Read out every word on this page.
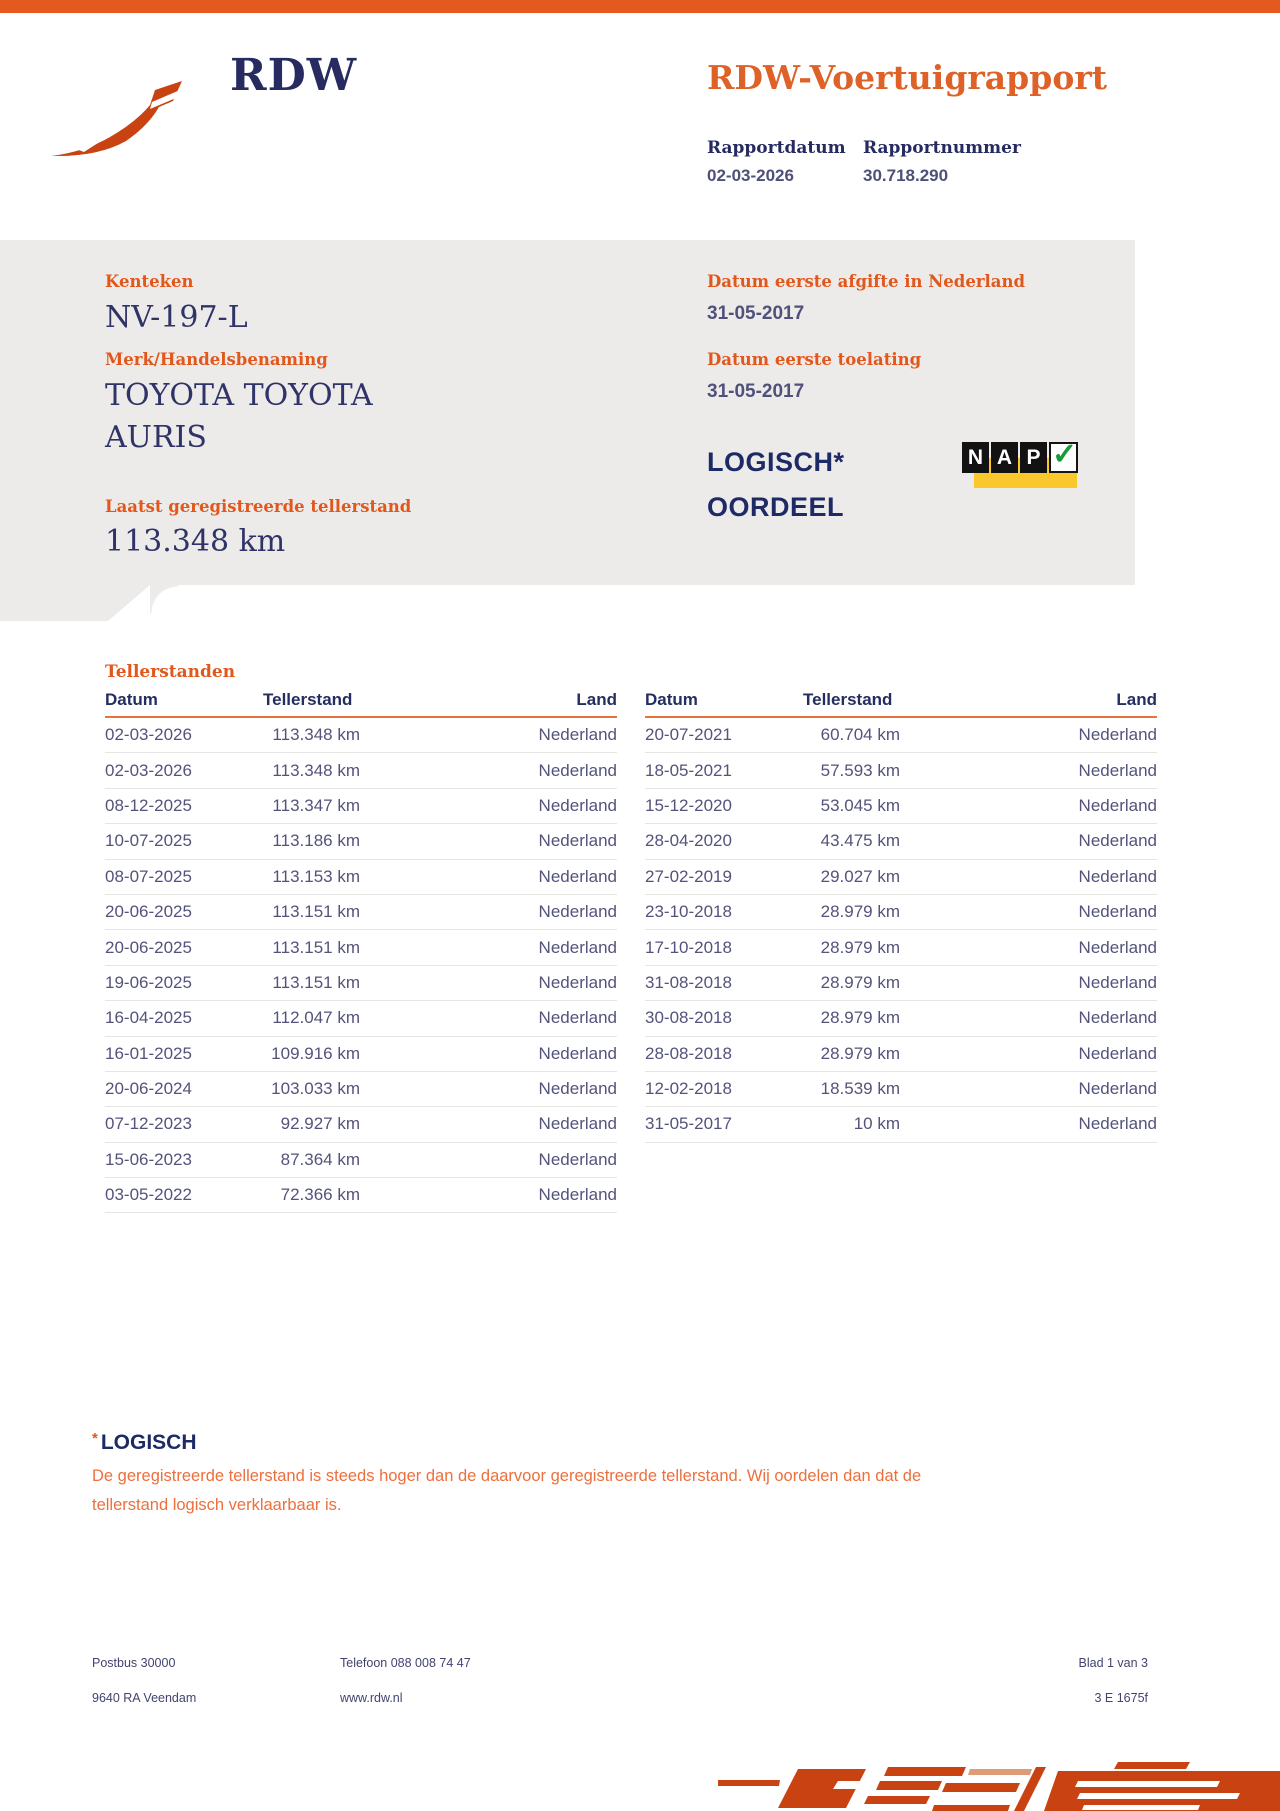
RDW	RDW-Voertuigrapport
Rapportdatum Rapportnummer
02-03-2026	30.718.290
Kenteken
NV-197-L
Merk/Handelsbenaming
TOYOTA TOYOTA
AURIS
Laatst geregistreerde tellerstand
113.348 km
Datum eerste afgifte in Nederland
31-05-2017
Datum eerste toelating
31-05-2017
LOGISCH*
OORDEEL
N A P ✓
Tellerstanden
Datum	Tellerstand	Land
02-03-2026	113.348 km	Nederland
02-03-2026	113.348 km	Nederland
08-12-2025	113.347 km	Nederland
10-07-2025	113.186 km	Nederland
08-07-2025	113.153 km	Nederland
20-06-2025	113.151 km	Nederland
20-06-2025	113.151 km	Nederland
19-06-2025	113.151 km	Nederland
16-04-2025	112.047 km	Nederland
16-01-2025	109.916 km	Nederland
20-06-2024	103.033 km	Nederland
07-12-2023	92.927 km	Nederland
15-06-2023	87.364 km	Nederland
03-05-2022	72.366 km	Nederland
Datum	Tellerstand	Land
20-07-2021	60.704 km	Nederland
18-05-2021	57.593 km	Nederland
15-12-2020	53.045 km	Nederland
28-04-2020	43.475 km	Nederland
27-02-2019	29.027 km	Nederland
23-10-2018	28.979 km	Nederland
17-10-2018	28.979 km	Nederland
31-08-2018	28.979 km	Nederland
30-08-2018	28.979 km	Nederland
28-08-2018	28.979 km	Nederland
12-02-2018	18.539 km	Nederland
31-05-2017	10 km	Nederland
* LOGISCH
De geregistreerde tellerstand is steeds hoger dan de daarvoor geregistreerde tellerstand. Wij oordelen dan dat de tellerstand logisch verklaarbaar is.
Postbus 30000
9640 RA Veendam
Telefoon 088 008 74 47
www.rdw.nl
Blad 1 van 3
3 E 1675f
